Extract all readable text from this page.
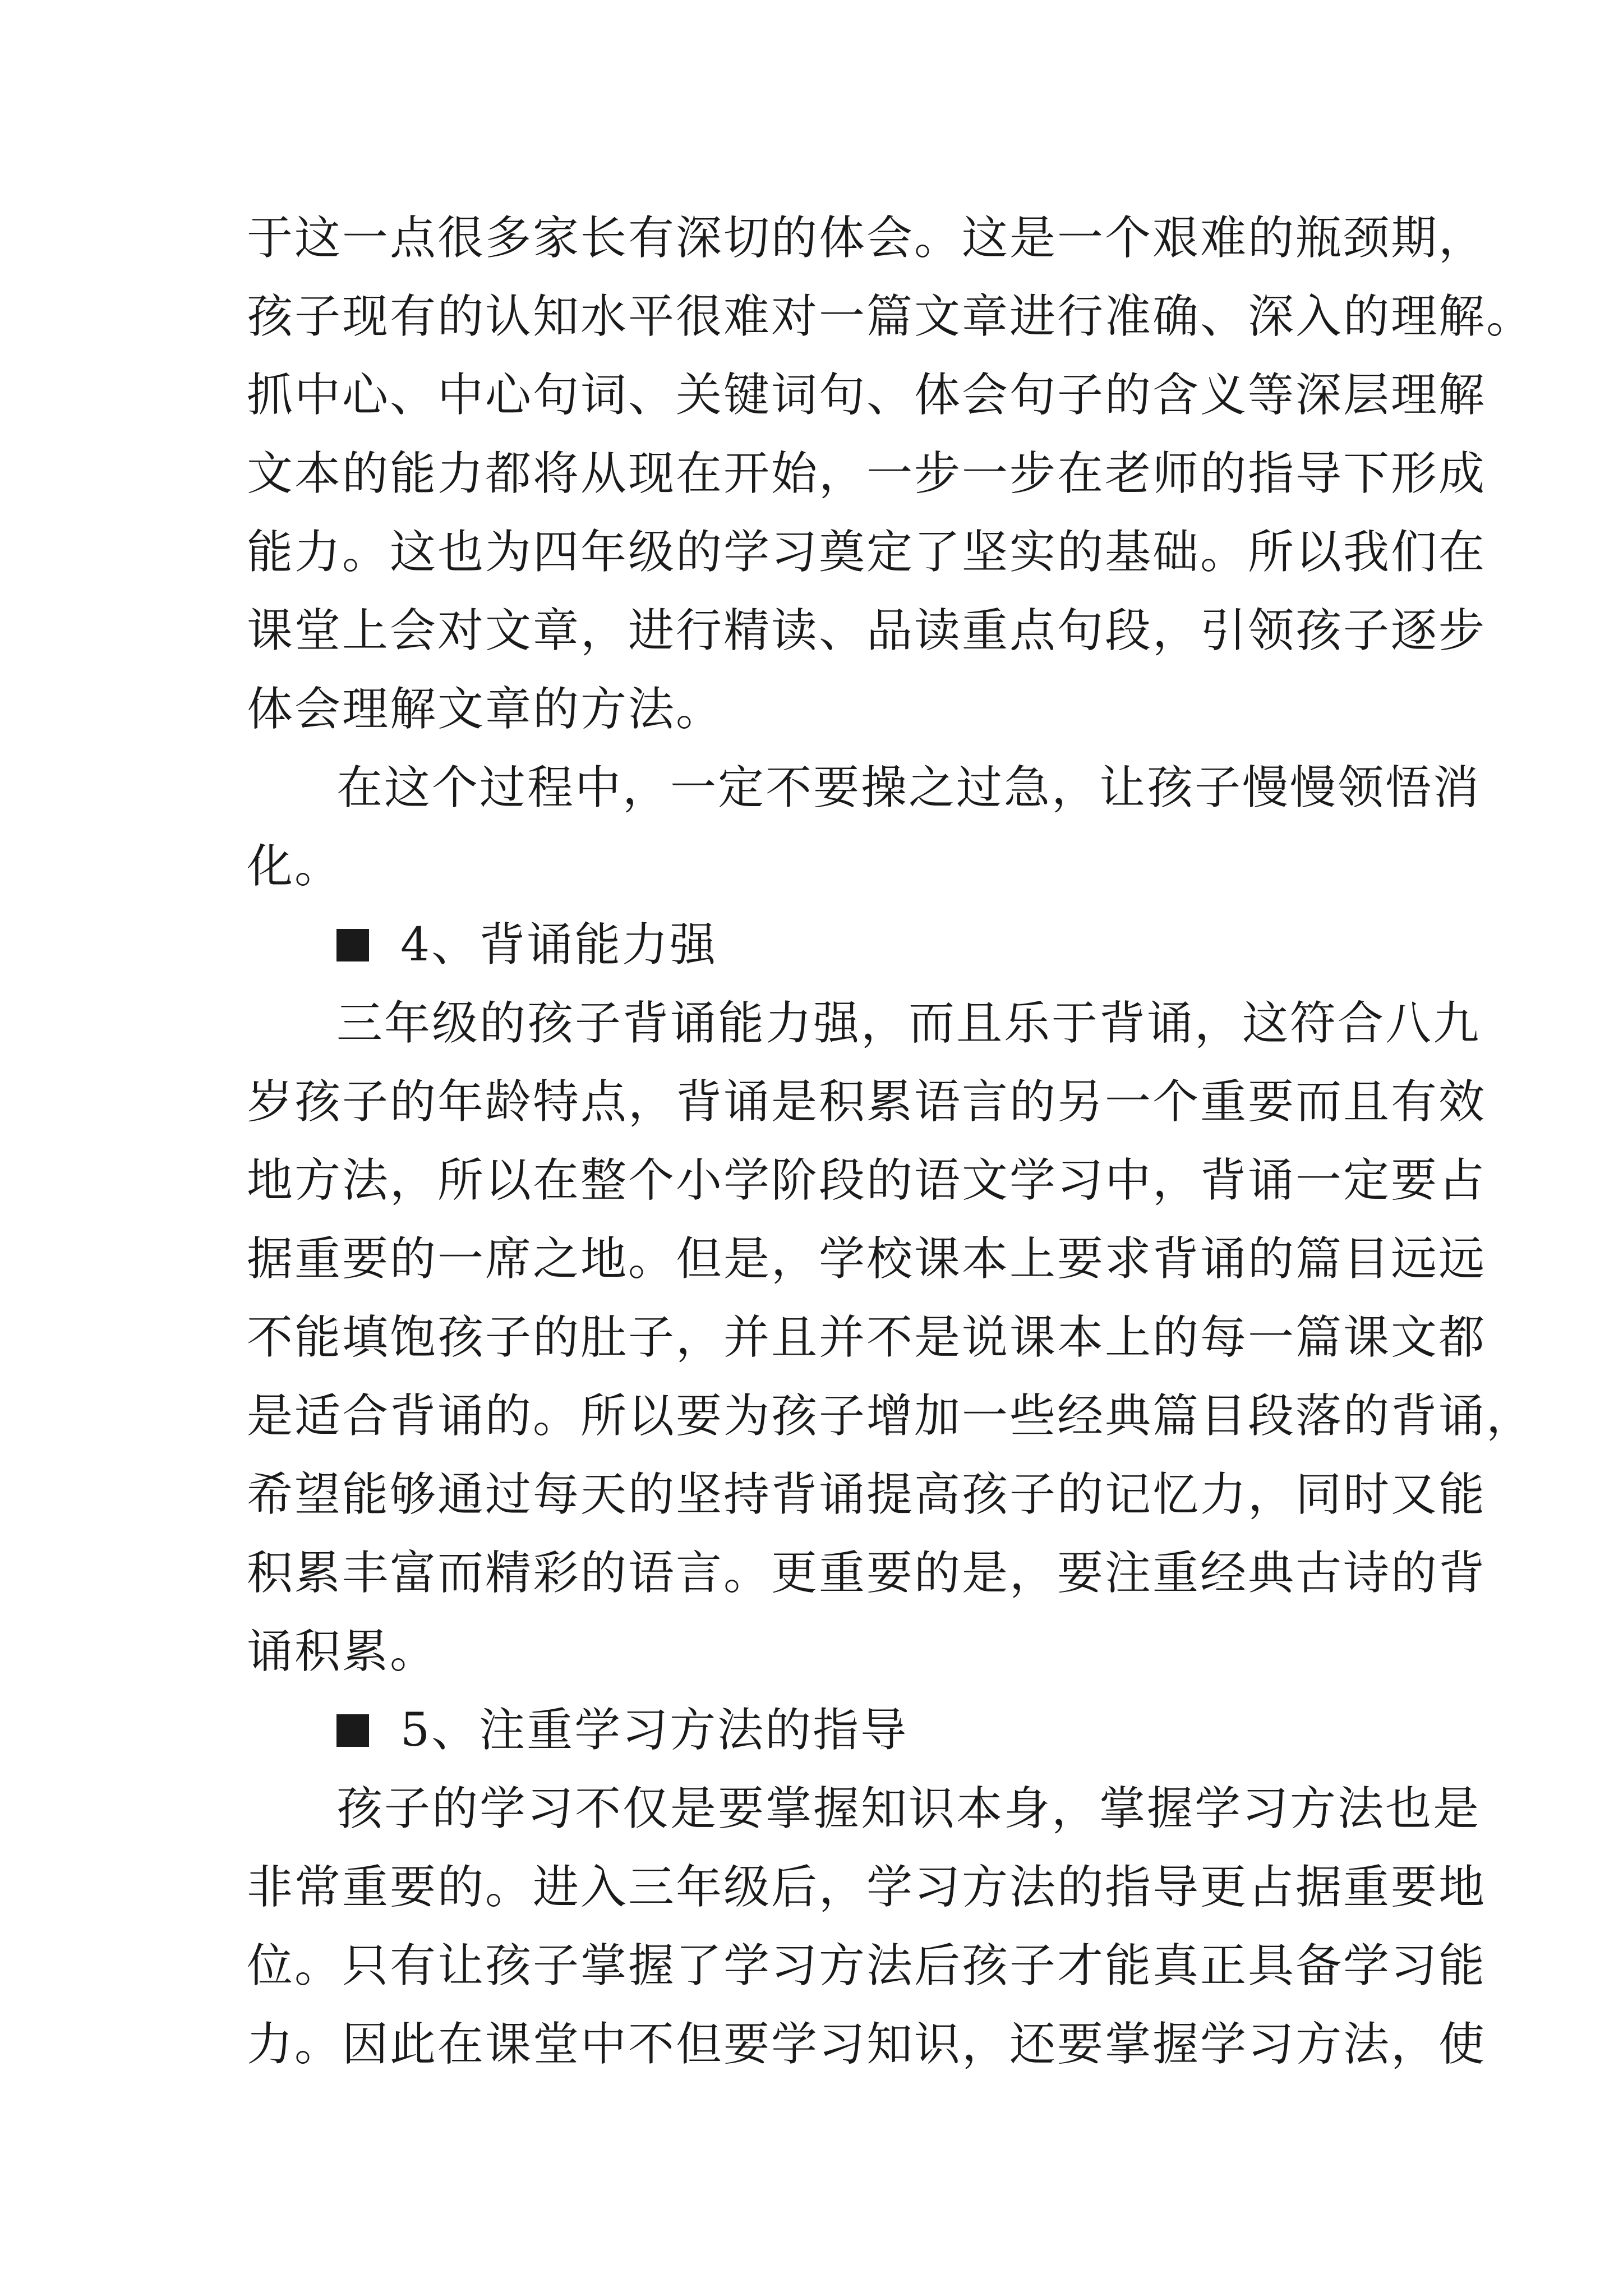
于这一点很多家长有深切的体会。这是一个艰难的瓶颈期，
孩子现有的认知水平很难对一篇文章进行准确、深入的理解。
抓中心、中心句词、关键词句、体会句子的含义等深层理解
文本的能力都将从现在开始，一步一步在老师的指导下形成
能力。这也为四年级的学习奠定了坚实的基础。所以我们在
课堂上会对文章，进行精读、品读重点句段，引领孩子逐步
体会理解文章的方法。
在这个过程中，一定不要操之过急，让孩子慢慢领悟消
化。
4、背诵能力强
三年级的孩子背诵能力强，而且乐于背诵，这符合八九
岁孩子的年龄特点，背诵是积累语言的另一个重要而且有效
地方法，所以在整个小学阶段的语文学习中，背诵一定要占
据重要的一席之地。但是，学校课本上要求背诵的篇目远远
不能填饱孩子的肚子，并且并不是说课本上的每一篇课文都
是适合背诵的。所以要为孩子增加一些经典篇目段落的背诵，
希望能够通过每天的坚持背诵提高孩子的记忆力，同时又能
积累丰富而精彩的语言。更重要的是，要注重经典古诗的背
诵积累。
5、注重学习方法的指导
孩子的学习不仅是要掌握知识本身，掌握学习方法也是
非常重要的。进入三年级后，学习方法的指导更占据重要地
位。只有让孩子掌握了学习方法后孩子才能真正具备学习能
力。因此在课堂中不但要学习知识，还要掌握学习方法，使
